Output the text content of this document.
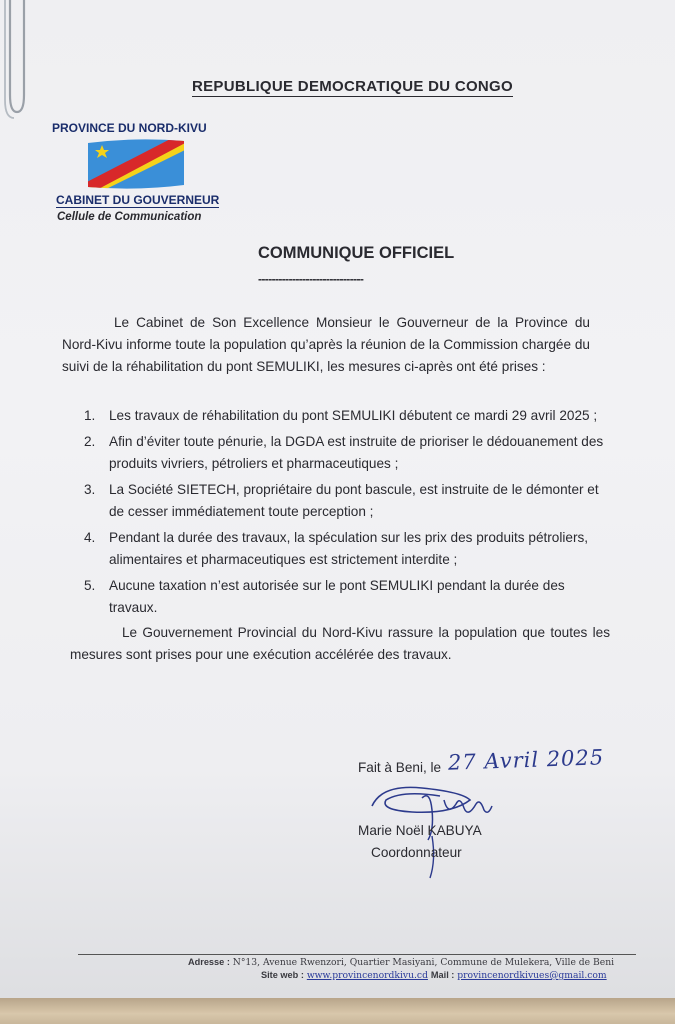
REPUBLIQUE DEMOCRATIQUE DU CONGO
PROVINCE DU NORD-KIVU
CABINET DU GOUVERNEUR
Cellule de Communication
COMMUNIQUE OFFICIEL
-------------------------------
Le Cabinet de Son Excellence Monsieur le Gouverneur de la Province du Nord-Kivu informe toute la population qu’après la réunion de la Commission chargée du suivi de la réhabilitation du pont SEMULIKI, les mesures ci-après ont été prises :
1.	Les travaux de réhabilitation du pont SEMULIKI débutent ce mardi 29 avril 2025 ;
2.	Afin d’éviter toute pénurie, la DGDA est instruite de prioriser le dédouanement des produits vivriers, pétroliers et pharmaceutiques ;
3.	La Société SIETECH, propriétaire du pont bascule, est instruite de le démonter et de cesser immédiatement toute perception ;
4.	Pendant la durée des travaux, la spéculation sur les prix des produits pétroliers, alimentaires et pharmaceutiques est strictement interdite ;
5.	Aucune taxation n’est autorisée sur le pont SEMULIKI pendant la durée des travaux.
Le Gouvernement Provincial du Nord-Kivu rassure la population que toutes les mesures sont prises pour une exécution accélérée des travaux.
Fait à Beni, le 27 Avril 2025
Marie Noël KABUYA
Coordonnateur
Adresse : N°13, Avenue Rwenzori, Quartier Masiyani, Commune de Mulekera, Ville de Beni
Site web : www.provincenordkivu.cd Mail : provincenordkivues@gmail.com
